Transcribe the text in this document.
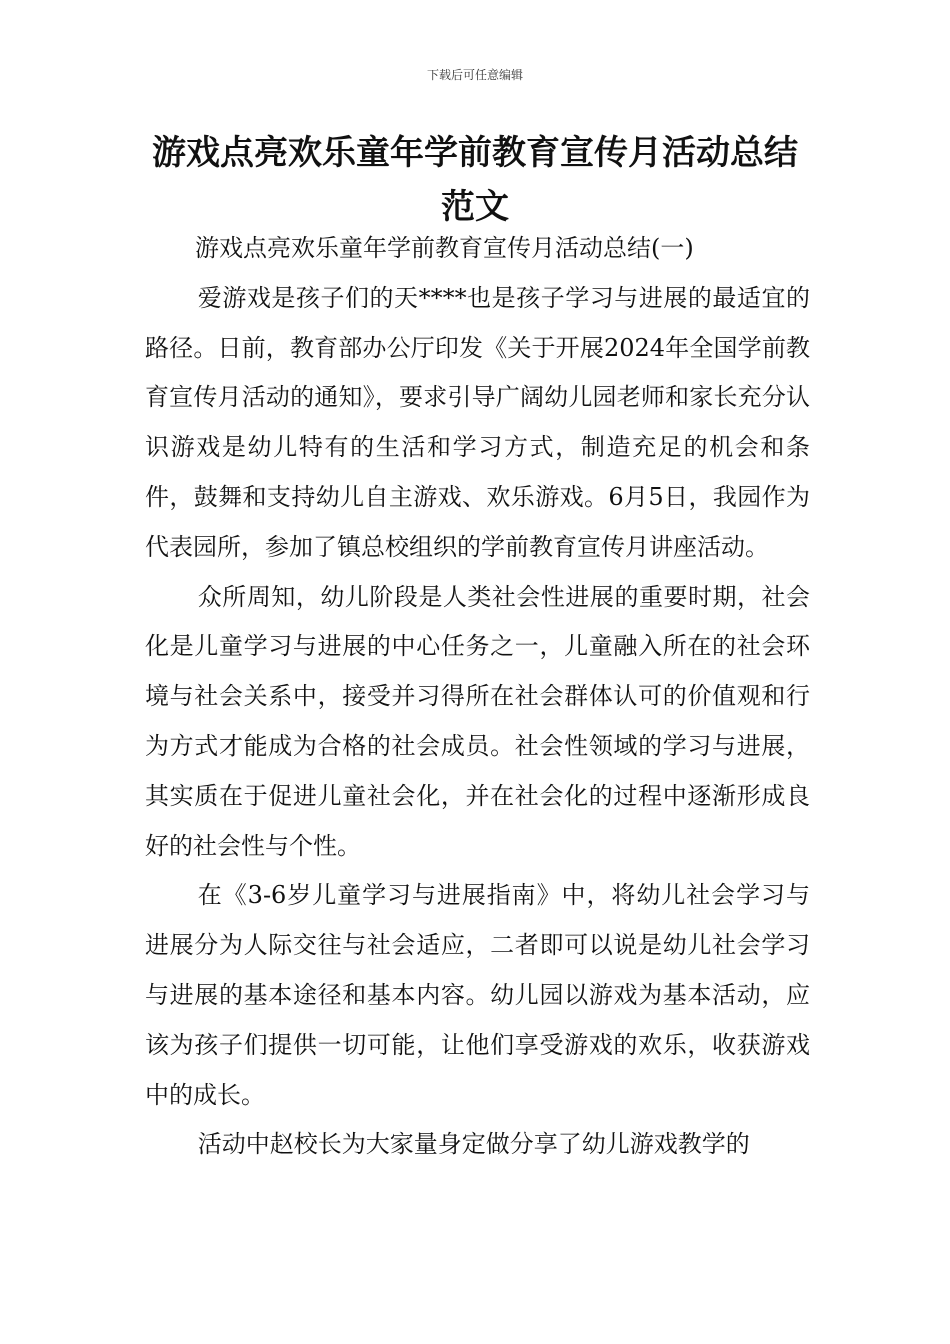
下载后可任意编辑
游戏点亮欢乐童年学前教育宣传月活动总结范文

游戏点亮欢乐童年学前教育宣传月活动总结(一)

爱游戏是孩子们的天****也是孩子学习与进展的最适宜的路径。日前，教育部办公厅印发《关于开展2024年全国学前教育宣传月活动的通知》，要求引导广阔幼儿园老师和家长充分认识游戏是幼儿特有的生活和学习方式，制造充足的机会和条件，鼓舞和支持幼儿自主游戏、欢乐游戏。6月5日，我园作为代表园所，参加了镇总校组织的学前教育宣传月讲座活动。

众所周知，幼儿阶段是人类社会性进展的重要时期，社会化是儿童学习与进展的中心任务之一，儿童融入所在的社会环境与社会关系中，接受并习得所在社会群体认可的价值观和行为方式才能成为合格的社会成员。社会性领域的学习与进展，其实质在于促进儿童社会化，并在社会化的过程中逐渐形成良好的社会性与个性。

在《3-6岁儿童学习与进展指南》中，将幼儿社会学习与进展分为人际交往与社会适应，二者即可以说是幼儿社会学习与进展的基本途径和基本内容。幼儿园以游戏为基本活动，应该为孩子们提供一切可能，让他们享受游戏的欢乐，收获游戏中的成长。

活动中赵校长为大家量身定做分享了幼儿游戏教学的
